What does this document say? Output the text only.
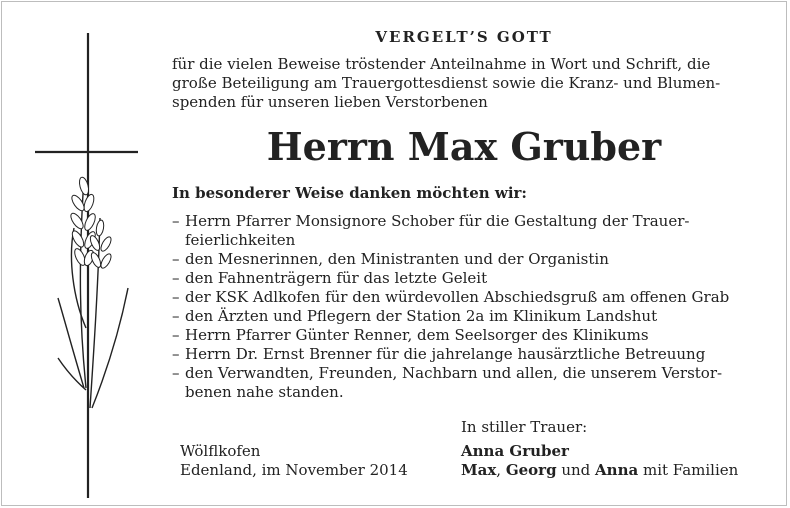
VERGELT’S GOTT
für die vielen Beweise tröstender Anteilnahme in Wort und Schrift, die
große Beteiligung am Trauergottesdienst sowie die Kranz- und Blumen-
spenden für unseren lieben Verstorbenen
Herrn Max Gruber
In besonderer Weise danken möchten wir:
– Herrn Pfarrer Monsignore Schober für die Gestaltung der Trauer-
feierlichkeiten
– den Mesnerinnen, den Ministranten und der Organistin
– den Fahnenträgern für das letzte Geleit
– der KSK Adlkofen für den würdevollen Abschiedsgruß am offenen Grab
– den Ärzten und Pflegern der Station 2a im Klinikum Landshut
– Herrn Pfarrer Günter Renner, dem Seelsorger des Klinikums
– Herrn Dr. Ernst Brenner für die jahrelange hausärztliche Betreuung
– den Verwandten, Freunden, Nachbarn und allen, die unserem Verstor-
benen nahe standen.
In stiller Trauer:
Wölflkofen
Edenland, im November 2014
Anna Gruber
Max, Georg und Anna mit Familien
